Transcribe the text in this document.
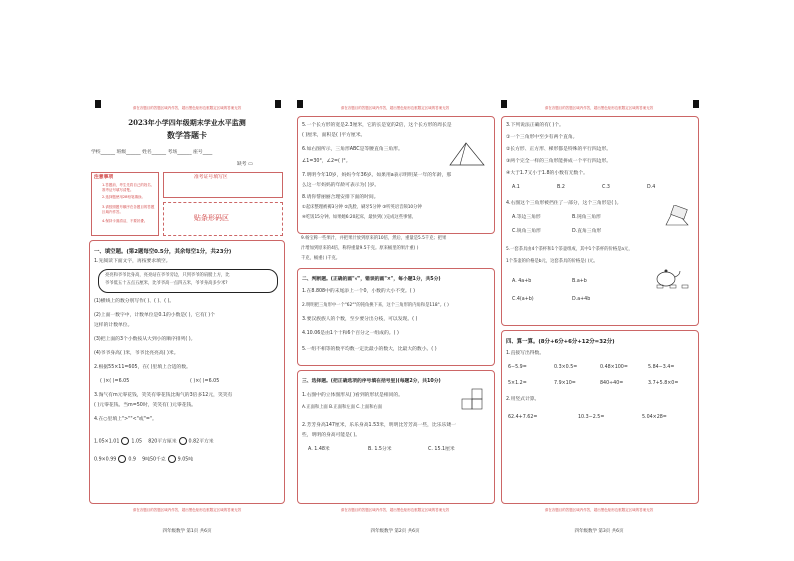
请在各题目的答题区域内作答，超出黑色矩形边框限定区域的答案无效
2023年小学四年级期末学业水平监测
数学答题卡
学校______ 班级______ 姓名______ 考场______ 座号____
缺考 ▭
注意事项
1.答题前，考生先将自己的姓名、准考证号填写清楚。
2.选择题使用2B铅笔填涂。
3.请按照题号顺序在各题目的答题区域内作答。
4.保持卡面清洁，不要折叠。
准考证号填写区
贴条形码区
一、填空题。(第2题每空0.5分，其余每空1分，共23分)
1.先阅读下面文字，再按要求填空。
亮亮和爷爷比身高，亮亮站在爷爷旁边，只到爷爷的肩膀上方，比
爷爷低五十五点五厘米，比爷爷高一点四五米，爷爷身高多少米?
(1)横线上的数分别写作( )、( )、( )。
(2)上面一数字中，计数单位是0.1的小数是( )，它有( )个
这样的计数单位。
(3)把上面的3个小数按从大到小的顺序排列( )。
(4)爷爷身高( )米，爷爷比亮亮高( )米。
2.根据55×11=605，在( )里填上合适的数。
( )×( )=6.05	( )×( )=6.05
3.淘气有m元零花钱，笑笑有零花钱比淘气的3倍多12元，笑笑有
( )元零花钱。当m=50时，笑笑有( )元零花钱。
4.在○里填上">""<"或"="。
1.05×1.01	1.05 820平方厘米	0.82平方米
0.9×0.99	0.9 9吨50千克	9.05吨
请在各题目的答题区域内作答，超出黑色矩形边框限定区域的答案无效
四年级数学 第1页 共6页
请在各题目的答题区域内作答，超出黑色矩形边框限定区域的答案无效
5.一个长方形的宽是2.3厘米，它的长是宽的2倍，这个长方形的周长是
( )厘米，面积是( )平方厘米。
6.如右图所示，三角形ABC是等腰直角三角形。
∠1=30°，∠2=( )°。
7.明明今年10岁，妈妈今年36岁。如果用a表示明明某一年的年龄，那
么这一年妈妈的年龄可表示为( )岁。
8.请你帮丽丽合理安排下面的时间。
①起床整理被褥3分钟 ②洗脸、刷牙5分钟 ③听英语音频10分钟
④吃饭15分钟。如果她6:20起床，最快到( )完成这些事情。
9.杨宝称一些果汁，并把果汁放到原来的10倍，然后，重量是5.5千克；把果
汁增加到原来的4倍，称得重量9.5千克。原来桶里的果汁重( )
千克，桶重( )千克。
二、判断题。(正确的画"√"，错误的画"×"，每小题1分，共5分)
1.在8.808中的末尾添上一个0，小数的大小不变。( )
2.明明把三角形中一个"62°"的钝角换下来，这个三角形的内角和是118°。( )
3.要汉族族人的个数，至少要分出分枝，可以发现。( )
4.10.06是由1个十和6个百分之一组成的。( )
5.一组不相等的数平均数一定比最小的数大，比最大的数小。( )
三、选择题。(把正确选项的序号填在括号里)(每题2分，共10分)
1.右图中的立体图形从( )看到的形状是相同的。
A.正面和上面 B.正面和左面 C.上面和右面
2.芳芳身高147厘米，乐乐身高1.53米，明明比芳芳高一些，比乐乐矮一
些，明明的身高可能是( )。
A. 1.48米	B. 1.5分米	C. 15.1厘米
请在各题目的答题区域内作答，超出黑色矩形边框限定区域的答案无效
四年级数学 第2页 共6页
请在各题目的答题区域内作答，超出黑色矩形边框限定区域的答案无效
3.下列说法正确的有( )个。
①一个三角形中至少有两个直角。
②长方形、正方形、梯形都是特殊的平行四边形。
③两个完全一样的三角形能拼成一个平行四边形。
④大于1.7又小于1.8的小数有无数个。
A.1	B.2	C.3	D.4
4.右图这个三角形被挡住了一部分，这个三角形是( )。
A.等边三角形	B.钝角三角形
C.锐角三角形	D.直角三角形
5.一套茶具由4个茶杯和1个茶壶组成，其中1个茶杯的价格是a元，
1个茶壶的价格是b元，这套茶具的价格是( )元。
A. 4a+b	B.a+b
C.4(a+b)	D.a+4b
四、算一算。(8分+6分+6分+12分=32分)
1.直接写出得数。
6−5.9=	0.3×0.5=	0.48×100=	5.84−3.4=
5×1.2=	7.9×10=	840÷40=	3.7+5.8×0=
2.用竖式计算。
62.4+7.62=	10.3−2.5=	5.04×28=
请在各题目的答题区域内作答，超出黑色矩形边框限定区域的答案无效
四年级数学 第3页 共6页
